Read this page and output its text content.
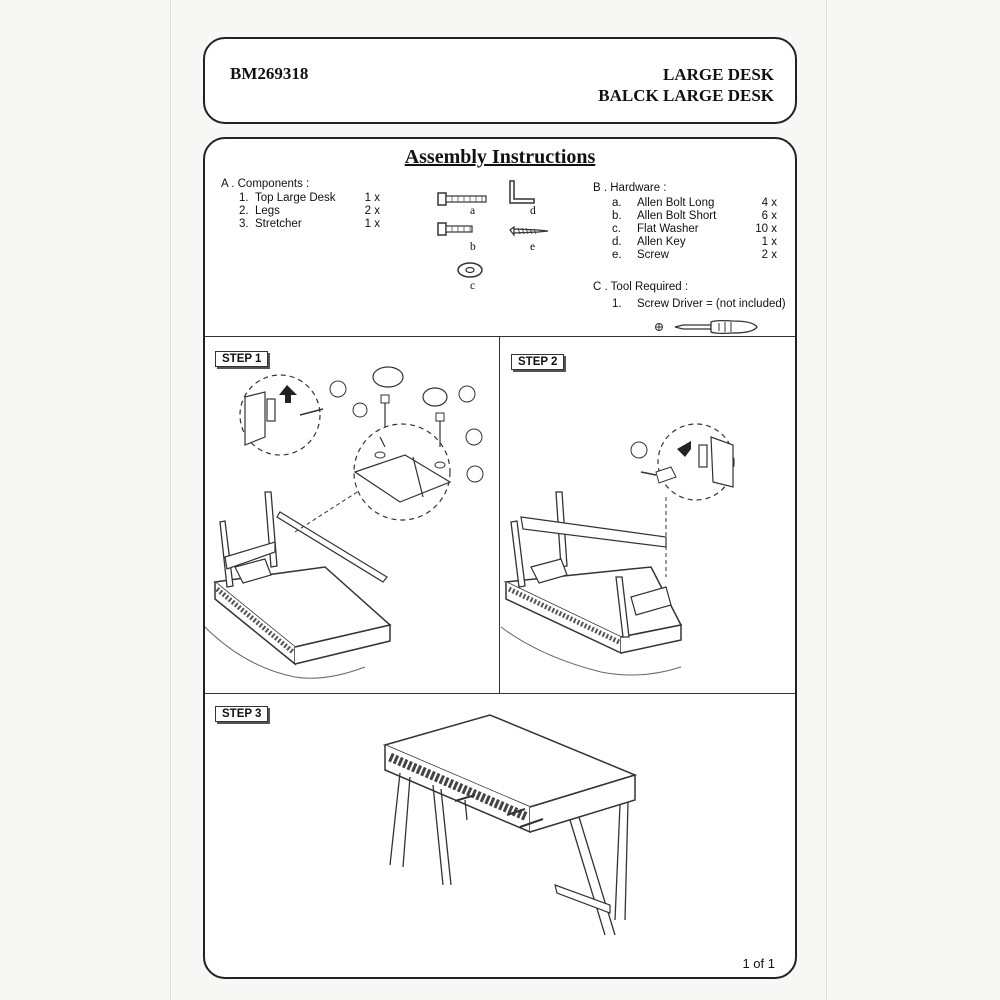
BM269318	LARGE DESK
BALCK LARGE DESK
Assembly Instructions
A . Components :
1. Top Large Desk	1 x
2. Legs	2 x
3. Stretcher	1 x
a	d
b	e
c
B . Hardware :
a. Allen Bolt Long	4 x
b. Allen Bolt Short	6 x
c. Flat Washer	10 x
d. Allen Key	1 x
e. Screw	2 x
C . Tool Required :
1. Screw Driver = (not included)
STEP 1	STEP 2
STEP 3
1 of 1
